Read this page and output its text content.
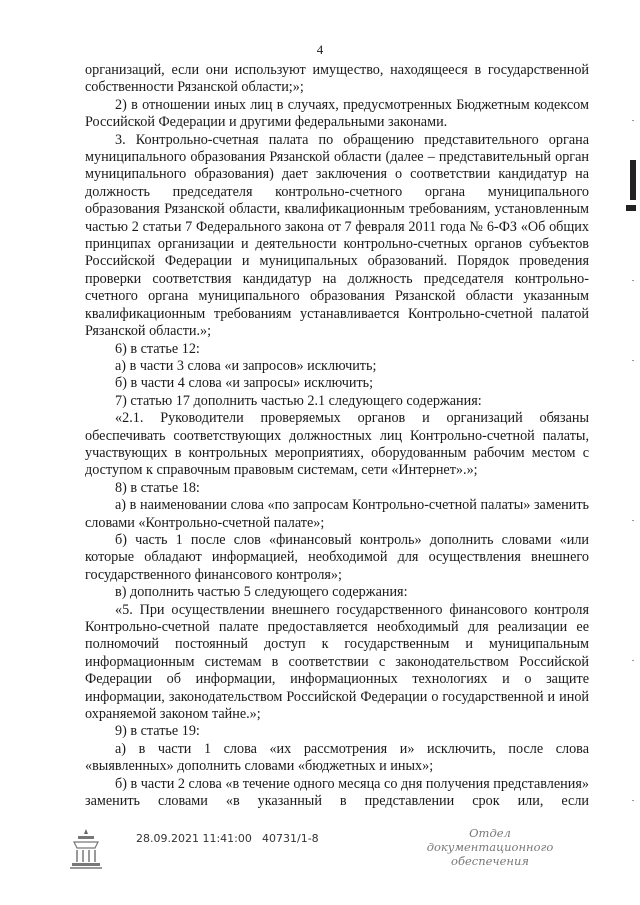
4

организаций, если они используют имущество, находящееся в государственной собственности Рязанской области;»;

2) в отношении иных лиц в случаях, предусмотренных Бюджетным кодексом Российской Федерации и другими федеральными законами.

3. Контрольно-счетная палата по обращению представительного органа муниципального образования Рязанской области (далее – представительный орган муниципального образования) дает заключения о соответствии кандидатур на должность председателя контрольно-счетного органа муниципального образования Рязанской области, квалификационным требованиям, установленным частью 2 статьи 7 Федерального закона от 7 февраля 2011 года № 6-ФЗ «Об общих принципах организации и деятельности контрольно-счетных органов субъектов Российской Федерации и муниципальных образований. Порядок проведения проверки соответствия кандидатур на должность председателя контрольно-счетного органа муниципального образования Рязанской области указанным квалификационным требованиям устанавливается Контрольно-счетной палатой Рязанской области.»;

6) в статье 12:

а) в части 3 слова «и запросов» исключить;

б) в части 4 слова «и запросы» исключить;

7) статью 17 дополнить частью 2.1 следующего содержания:

«2.1. Руководители проверяемых органов и организаций обязаны обеспечивать соответствующих должностных лиц Контрольно-счетной палаты, участвующих в контрольных мероприятиях, оборудованным рабочим местом с доступом к справочным правовым системам, сети «Интернет».»;

8) в статье 18:

а) в наименовании слова «по запросам Контрольно-счетной палаты» заменить словами «Контрольно-счетной палате»;

б) часть 1 после слов «финансовый контроль» дополнить словами «или которые обладают информацией, необходимой для осуществления внешнего государственного финансового контроля»;

в) дополнить частью 5 следующего содержания:

«5. При осуществлении внешнего государственного финансового контроля Контрольно-счетной палате предоставляется необходимый для реализации ее полномочий постоянный доступ к государственным и муниципальным информационным системам в соответствии с законодательством Российской Федерации об информации, информационных технологиях и о защите информации, законодательством Российской Федерации о государственной и иной охраняемой законом тайне.»;

9) в статье 19:

а) в части 1 слова «их рассмотрения и» исключить, после слова «выявленных» дополнить словами «бюджетных и иных»;

б) в части 2 слова «в течение одного месяца со дня получения представления» заменить словами «в указанный в представлении срок или, если

28.09.2021 11:41:00 40731/1-8	Отдел документационного
обеспечения
